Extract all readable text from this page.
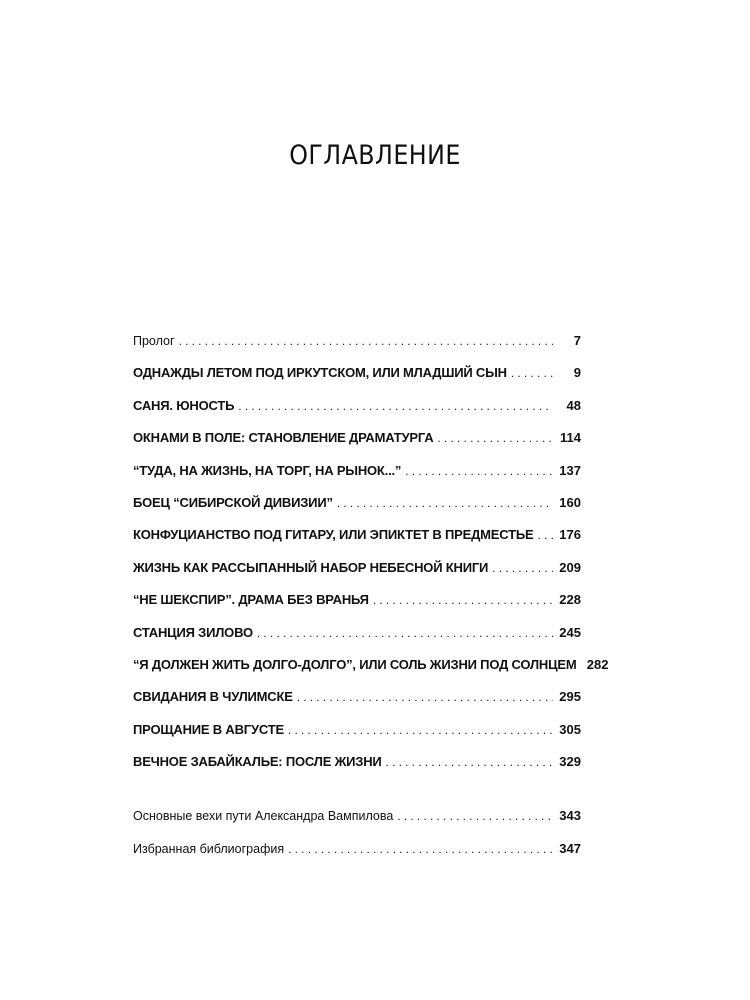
ОГЛАВЛЕНИЕ
Пролог .....	7
ОДНАЖДЫ ЛЕТОМ ПОД ИРКУТСКОМ, ИЛИ МЛАДШИЙ СЫН .....	9
САНЯ. ЮНОСТЬ .....	48
ОКНАМИ В ПОЛЕ: СТАНОВЛЕНИЕ ДРАМАТУРГА .....	114
“ТУДА, НА ЖИЗНЬ, НА ТОРГ, НА РЫНОК...” .....	137
БОЕЦ “СИБИРСКОЙ ДИВИЗИИ” .....	160
КОНФУЦИАНСТВО ПОД ГИТАРУ, ИЛИ ЭПИКТЕТ В ПРЕДМЕСТЬЕ ..... 176
ЖИЗНЬ КАК РАССЫПАННЫЙ НАБОР НЕБЕСНОЙ КНИГИ .....	209
“НЕ ШЕКСПИР”. ДРАМА БЕЗ ВРАНЬЯ .....	228
СТАНЦИЯ ЗИЛОВО .....	245
“Я ДОЛЖЕН ЖИТЬ ДОЛГО-ДОЛГО”, ИЛИ СОЛЬ ЖИЗНИ ПОД СОЛНЦЕМ 282
СВИДАНИЯ В ЧУЛИМСКЕ .....	295
ПРОЩАНИЕ В АВГУСТЕ .....	305
ВЕЧНОЕ ЗАБАЙКАЛЬЕ: ПОСЛЕ ЖИЗНИ .....	329
Основные вехи пути Александра Вампилова .....	343
Избранная библиография .....	347
